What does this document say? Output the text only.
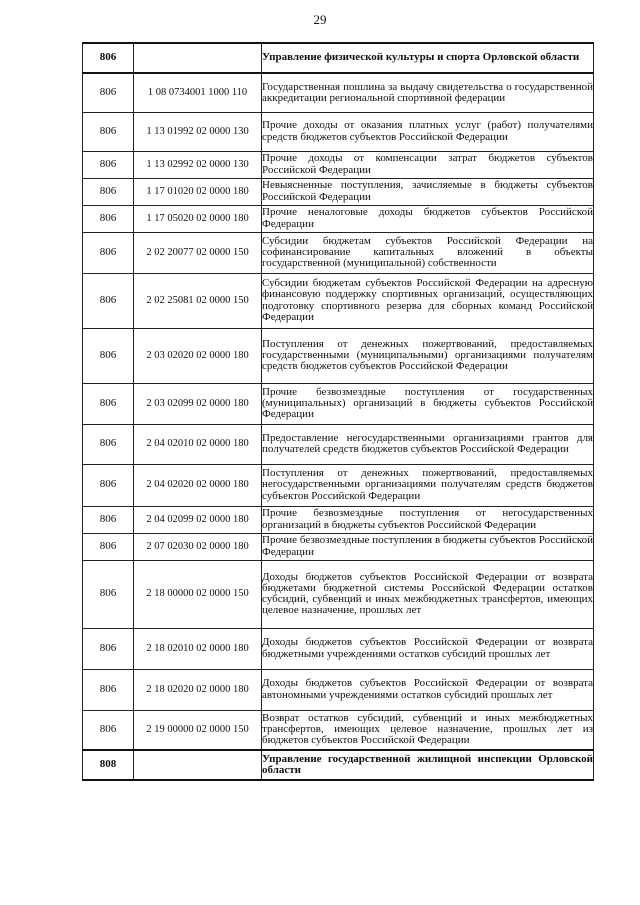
29
806		Управление физической культуры и спорта Орловской области
806	1 08 0734001 1000 110	Государственная пошлина за выдачу свидетельства о государственной аккредитации региональной спортивной федерации
806	1 13 01992 02 0000 130	Прочие доходы от оказания платных услуг (работ) получателями средств бюджетов субъектов Российской Федерации
806	1 13 02992 02 0000 130	Прочие доходы от компенсации затрат бюджетов субъектов Российской Федерации
806	1 17 01020 02 0000 180	Невыясненные поступления, зачисляемые в бюджеты субъектов Российской Федерации
806	1 17 05020 02 0000 180	Прочие неналоговые доходы бюджетов субъектов Российской Федерации
806	2 02 20077 02 0000 150	Субсидии бюджетам субъектов Российской Федерации на софинансирование капитальных вложений в объекты государственной (муниципальной) собственности
806	2 02 25081 02 0000 150	Субсидии бюджетам субъектов Российской Федерации на адресную финансовую поддержку спортивных организаций, осуществляющих подготовку спортивного резерва для сборных команд Российской Федерации
806	2 03 02020 02 0000 180	Поступления от денежных пожертвований, предоставляемых государственными (муниципальными) организациями получателям средств бюджетов субъектов Российской Федерации
806	2 03 02099 02 0000 180	Прочие безвозмездные поступления от государственных (муниципальных) организаций в бюджеты субъектов Российской Федерации
806	2 04 02010 02 0000 180	Предоставление негосударственными организациями грантов для получателей средств бюджетов субъектов Российской Федерации
806	2 04 02020 02 0000 180	Поступления от денежных пожертвований, предоставляемых негосударственными организациями получателям средств бюджетов субъектов Российской Федерации
806	2 04 02099 02 0000 180	Прочие безвозмездные поступления от негосударственных организаций в бюджеты субъектов Российской Федерации
806	2 07 02030 02 0000 180	Прочие безвозмездные поступления в бюджеты субъектов Российской Федерации
806	2 18 00000 02 0000 150	Доходы бюджетов субъектов Российской Федерации от возврата бюджетами бюджетной системы Российской Федерации остатков субсидий, субвенций и иных межбюджетных трансфертов, имеющих целевое назначение, прошлых лет
806	2 18 02010 02 0000 180	Доходы бюджетов субъектов Российской Федерации от возврата бюджетными учреждениями остатков субсидий прошлых лет
806	2 18 02020 02 0000 180	Доходы бюджетов субъектов Российской Федерации от возврата автономными учреждениями остатков субсидий прошлых лет
806	2 19 00000 02 0000 150	Возврат остатков субсидий, субвенций и иных межбюджетных трансфертов, имеющих целевое назначение, прошлых лет из бюджетов субъектов Российской Федерации
808		Управление государственной жилищной инспекции Орловской области
